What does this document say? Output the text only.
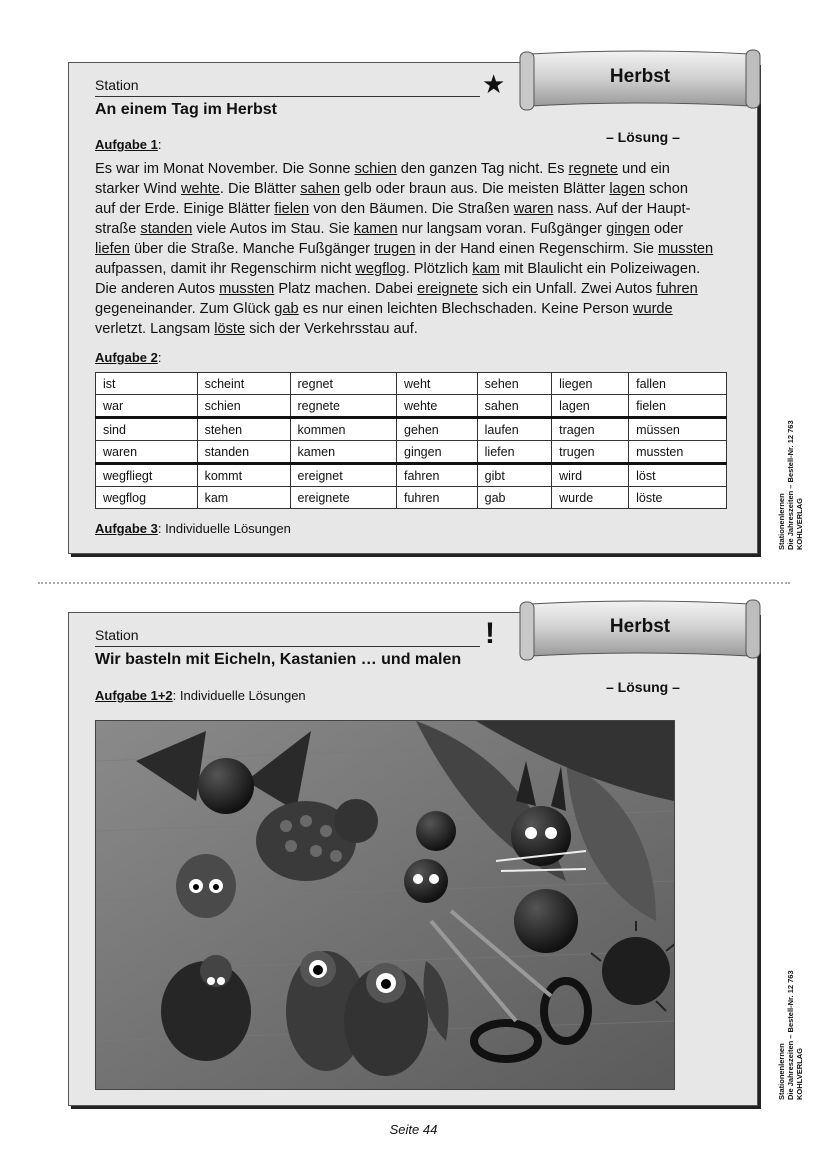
Station	★
An einem Tag im Herbst
– Lösung –
Aufgabe 1:
Es war im Monat November. Die Sonne schien den ganzen Tag nicht. Es regnete und ein
starker Wind wehte. Die Blätter sahen gelb oder braun aus. Die meisten Blätter lagen schon
auf der Erde. Einige Blätter fielen von den Bäumen. Die Straßen waren nass. Auf der Haupt-
straße standen viele Autos im Stau. Sie kamen nur langsam voran. Fußgänger gingen oder
liefen über die Straße. Manche Fußgänger trugen in der Hand einen Regenschirm. Sie mussten
aufpassen, damit ihr Regenschirm nicht wegflog. Plötzlich kam mit Blaulicht ein Polizeiwagen.
Die anderen Autos mussten Platz machen. Dabei ereignete sich ein Unfall. Zwei Autos fuhren
gegeneinander. Zum Glück gab es nur einen leichten Blechschaden. Keine Person wurde
verletzt. Langsam löste sich der Verkehrsstau auf.
Aufgabe 2:
ist	scheint	regnet	weht	sehen	liegen	fallen
war	schien	regnete	wehte	sahen	lagen	fielen
sind	stehen	kommen	gehen	laufen	tragen	müssen
waren	standen	kamen	gingen	liefen	trugen	mussten
wegfliegt	kommt	ereignet	fahren	gibt	wird	löst
wegflog	kam	ereignete	fuhren	gab	wurde	löste
Aufgabe 3: Individuelle Lösungen
Herbst
Stationenlernen Die Jahreszeiten – Bestell-Nr. 12 763 KOHLVERLAG
Station	!
Wir basteln mit Eicheln, Kastanien … und malen
– Lösung –
Aufgabe 1+2: Individuelle Lösungen
Herbst
Stationenlernen Die Jahreszeiten – Bestell-Nr. 12 763 KOHLVERLAG
Seite 44
